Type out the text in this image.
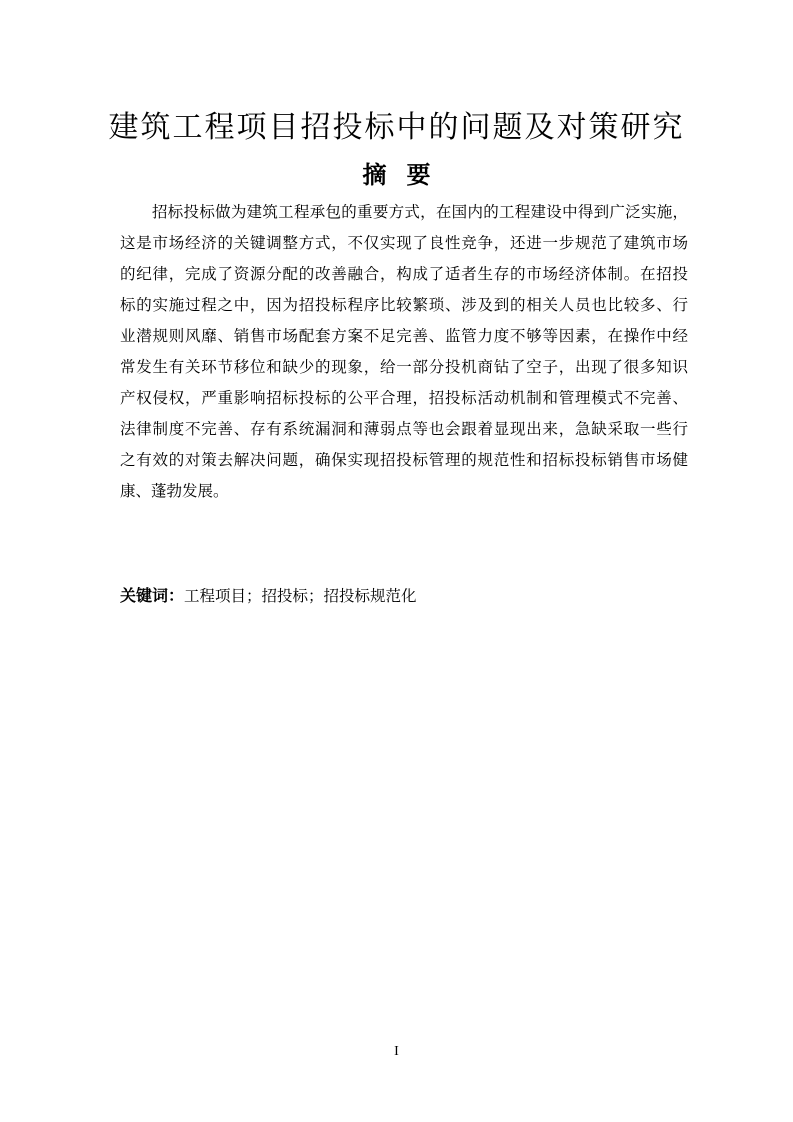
建筑工程项目招投标中的问题及对策研究
摘要

招标投标做为建筑工程承包的重要方式，在国内的工程建设中得到广泛实施，
这是市场经济的关键调整方式，不仅实现了良性竞争，还进一步规范了建筑市场
的纪律，完成了资源分配的改善融合，构成了适者生存的市场经济体制。在招投
标的实施过程之中，因为招投标程序比较繁琐、涉及到的相关人员也比较多、行
业潜规则风靡、销售市场配套方案不足完善、监管力度不够等因素，在操作中经
常发生有关环节移位和缺少的现象，给一部分投机商钻了空子，出现了很多知识
产权侵权，严重影响招标投标的公平合理，招投标活动机制和管理模式不完善、
法律制度不完善、存有系统漏洞和薄弱点等也会跟着显现出来，急缺采取一些行
之有效的对策去解决问题，确保实现招投标管理的规范性和招标投标销售市场健
康、蓬勃发展。

关键词：工程项目；招投标；招投标规范化
I
